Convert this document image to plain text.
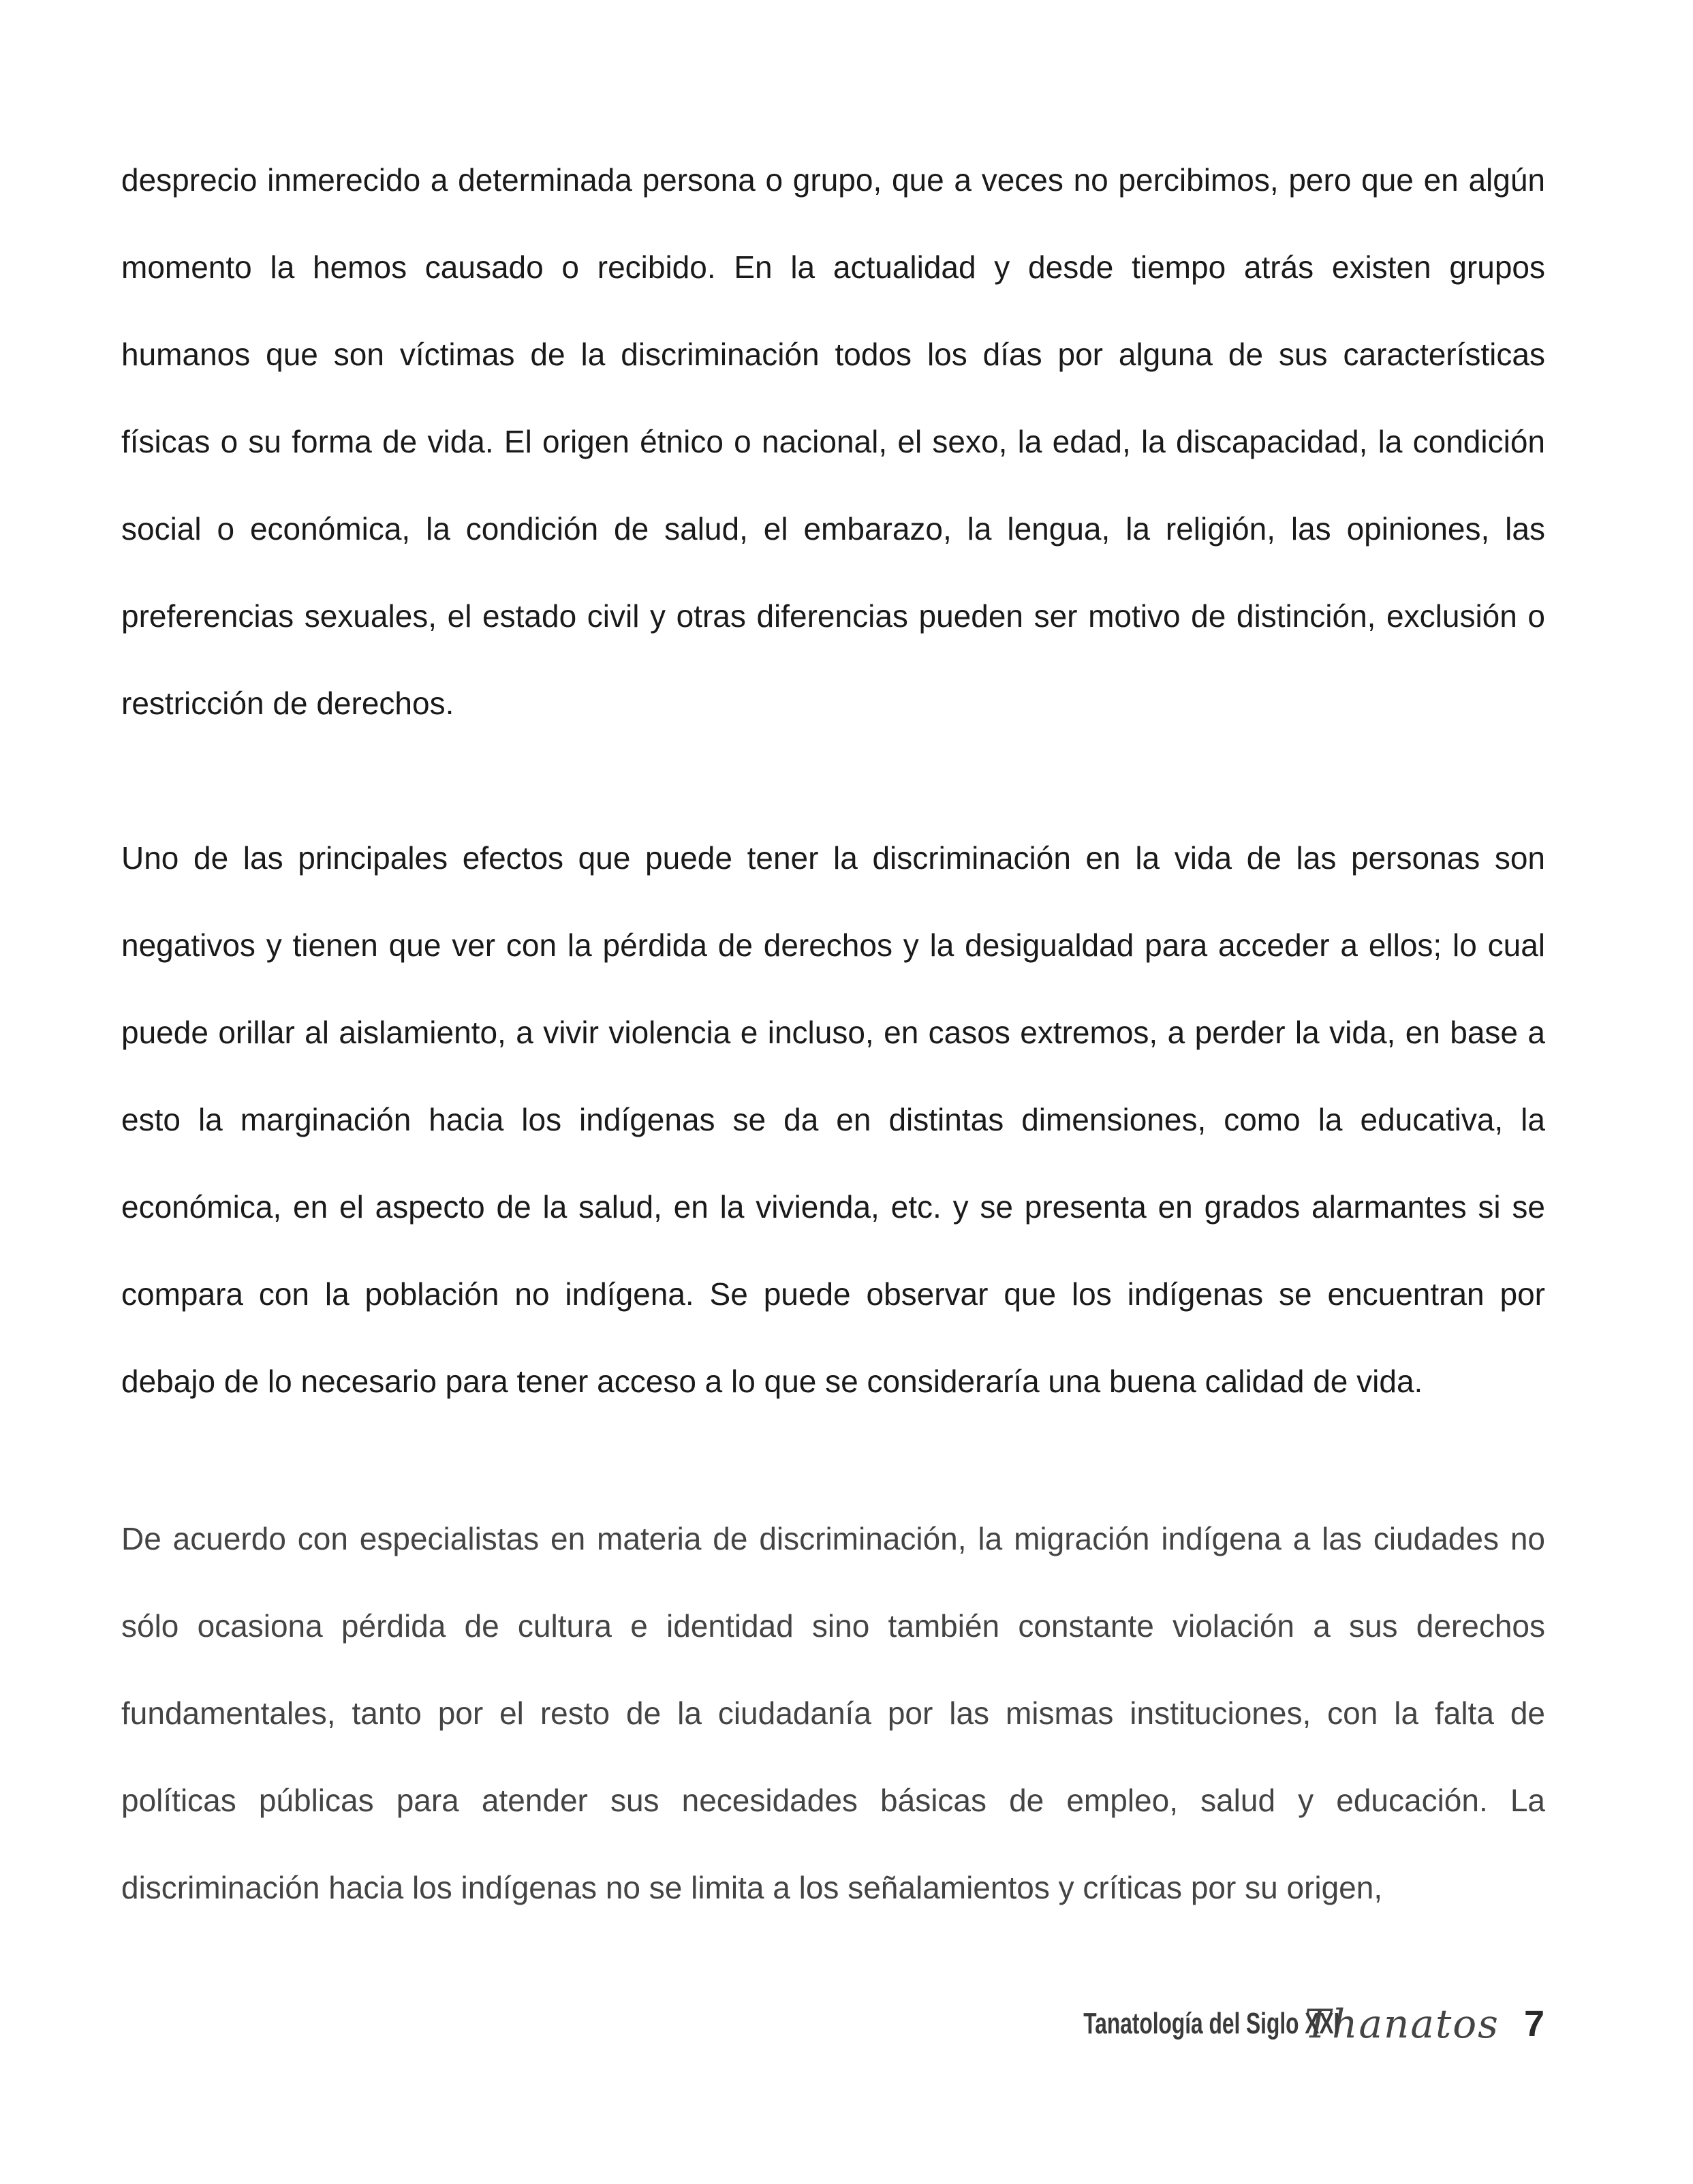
desprecio inmerecido a determinada persona o grupo, que a veces no percibimos, pero que en algún momento la hemos causado o recibido. En la actualidad y desde tiempo atrás existen grupos humanos que son víctimas de la discriminación todos los días por alguna de sus características físicas o su forma de vida. El origen étnico o nacional, el sexo, la edad, la discapacidad, la condición social o económica, la condición de salud, el embarazo, la lengua, la religión, las opiniones, las preferencias sexuales, el estado civil y otras diferencias pueden ser motivo de distinción, exclusión o restricción de derechos.

Uno de las principales efectos que puede tener la discriminación en la vida de las personas son negativos y tienen que ver con la pérdida de derechos y la desigualdad para acceder a ellos; lo cual puede orillar al aislamiento, a vivir violencia e incluso, en casos extremos, a perder la vida, en base a esto la marginación hacia los indígenas se da en distintas dimensiones, como la educativa, la económica, en el aspecto de la salud, en la vivienda, etc. y se presenta en grados alarmantes si se compara con la población no indígena. Se puede observar que los indígenas se encuentran por debajo de lo necesario para tener acceso a lo que se consideraría una buena calidad de vida.

De acuerdo con especialistas en materia de discriminación, la migración indígena a las ciudades no sólo ocasiona pérdida de cultura e identidad sino también constante violación a sus derechos fundamentales, tanto por el resto de la ciudadanía por las mismas instituciones, con la falta de políticas públicas para atender sus necesidades básicas de empleo, salud y educación. La discriminación hacia los indígenas no se limita a los señalamientos y críticas por su origen,

Tanatología del Siglo XXI
Thanatos 7
